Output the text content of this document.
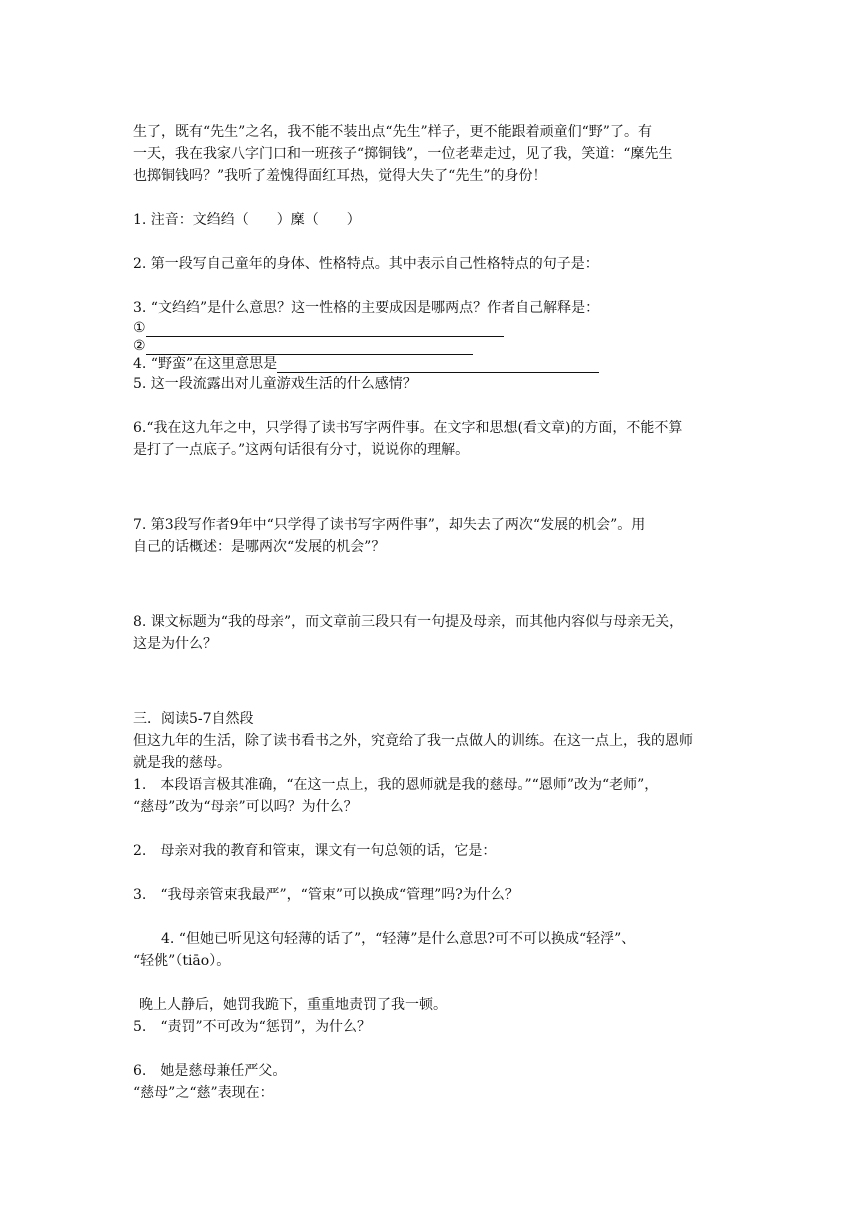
生了，既有“先生”之名，我不能不装出点“先生”样子，更不能跟着顽童们“野”了。有

一天，我在我家八字门口和一班孩子“掷铜钱”，一位老辈走过，见了我，笑道：“穈先生

也掷铜钱吗？”我听了羞愧得面红耳热，觉得大失了“先生”的身份！

1. 注音：文绉绉（　　）穈（　　）

2. 第一段写自己童年的身体、性格特点。其中表示自己性格特点的句子是：

3. “文绉绉”是什么意思？这一性格的主要成因是哪两点？作者自己解释是：

①
②
4. “野蛮”在这里意思是

5. 这一段流露出对儿童游戏生活的什么感情？

6.“我在这九年之中，只学得了读书写字两件事。在文字和思想(看文章)的方面，不能不算

是打了一点底子。”这两句话很有分寸，说说你的理解。

7. 第3段写作者9年中“只学得了读书写字两件事”，却失去了两次“发展的机会”。用

自己的话概述：是哪两次“发展的机会”？

8. 课文标题为“我的母亲”，而文章前三段只有一句提及母亲，而其他内容似与母亲无关，

这是为什么？

三．阅读5-7自然段

但这九年的生活，除了读书看书之外，究竟给了我一点做人的训练。在这一点上，我的恩师

就是我的慈母。

1.　本段语言极其准确，“在这一点上，我的恩师就是我的慈母。”“恩师”改为“老师”，

“慈母”改为“母亲”可以吗？为什么？

2.　母亲对我的教育和管束，课文有一句总领的话，它是：

3.　“我母亲管束我最严”，“管束”可以换成“管理”吗?为什么？

4. “但她已听见这句轻薄的话了”，“轻薄”是什么意思?可不可以换成“轻浮”、

“轻佻”（tiāo）。

晚上人静后，她罚我跪下，重重地责罚了我一顿。

5.　“责罚”不可改为“惩罚”，为什么？

6.　她是慈母兼任严父。

“慈母”之“慈”表现在：
